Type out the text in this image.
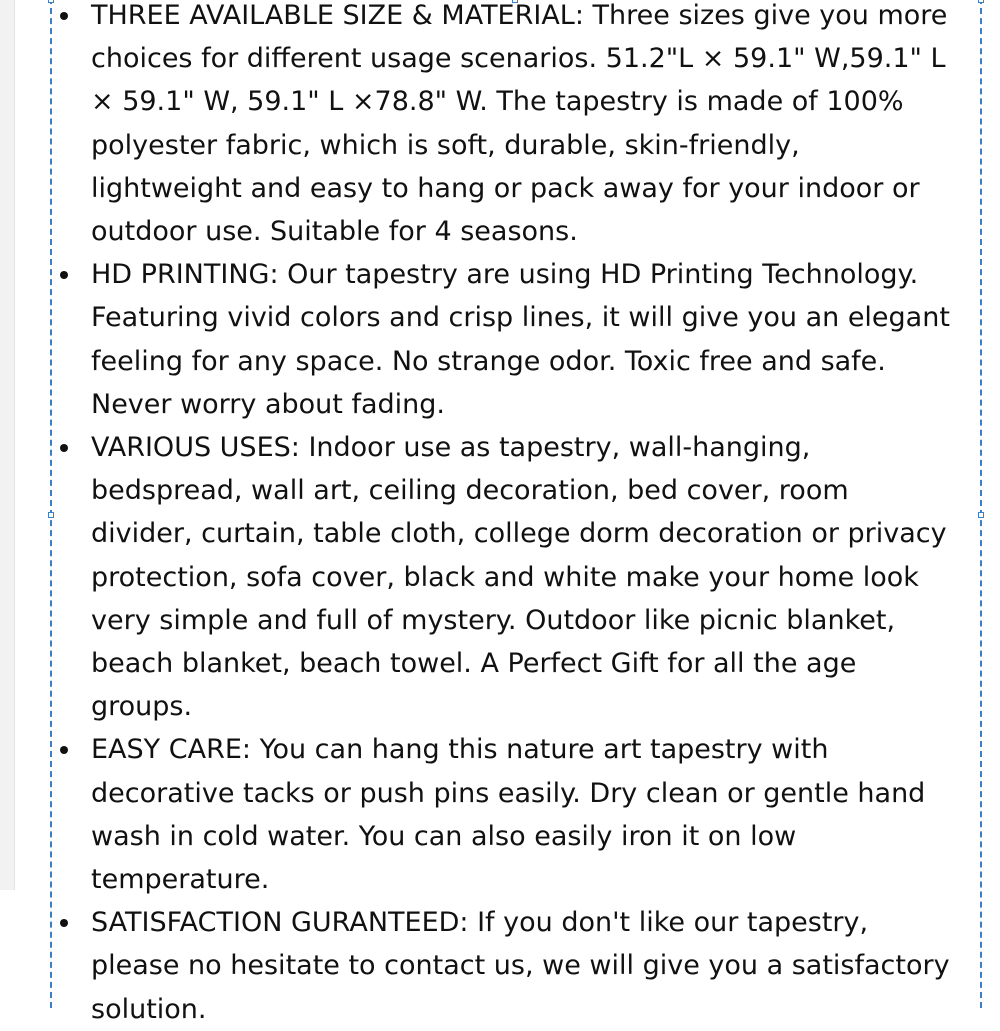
THREE AVAILABLE SIZE & MATERIAL: Three sizes give you more choices for different usage scenarios. 51.2"L × 59.1" W,59.1" L × 59.1" W, 59.1" L ×78.8" W. The tapestry is made of 100% polyester fabric, which is soft, durable, skin-friendly, lightweight and easy to hang or pack away for your indoor or outdoor use. Suitable for 4 seasons.
HD PRINTING: Our tapestry are using HD Printing Technology. Featuring vivid colors and crisp lines, it will give you an elegant feeling for any space. No strange odor. Toxic free and safe. Never worry about fading.
VARIOUS USES: Indoor use as tapestry, wall-hanging, bedspread, wall art, ceiling decoration, bed cover, room divider, curtain, table cloth, college dorm decoration or privacy protection, sofa cover, black and white make your home look very simple and full of mystery. Outdoor like picnic blanket, beach blanket, beach towel. A Perfect Gift for all the age groups.
EASY CARE: You can hang this nature art tapestry with decorative tacks or push pins easily. Dry clean or gentle hand wash in cold water. You can also easily iron it on low temperature.
SATISFACTION GURANTEED: If you don't like our tapestry, please no hesitate to contact us, we will give you a satisfactory solution.
